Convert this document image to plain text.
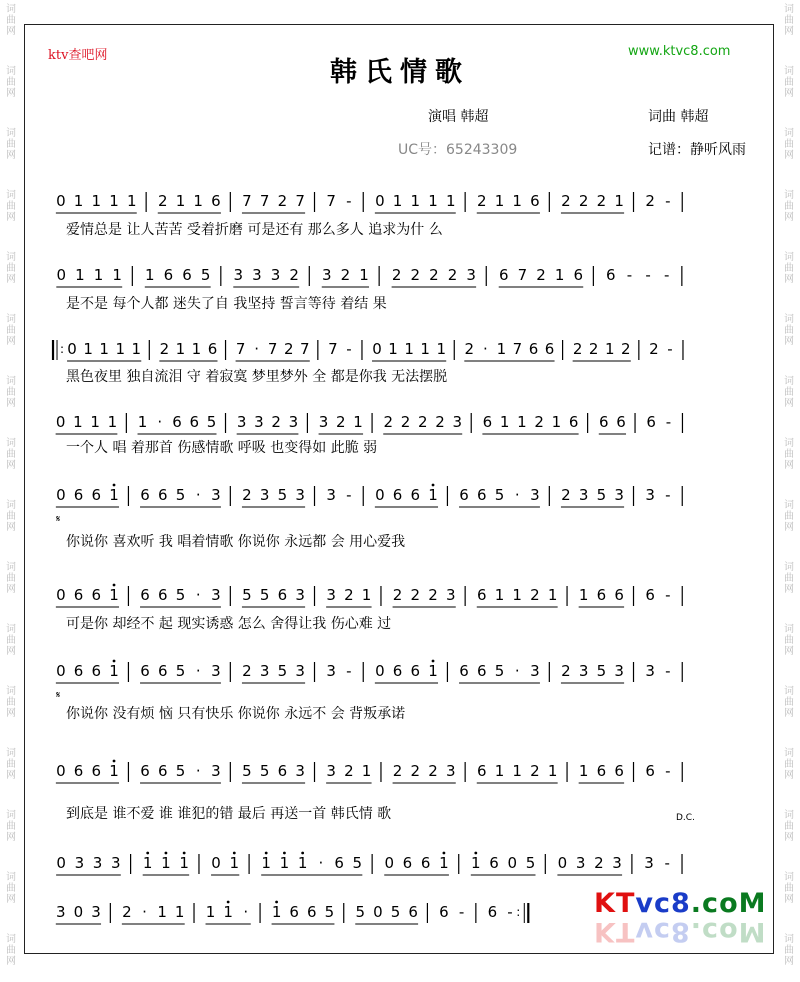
词
曲
网
词
曲
网
词
曲
网
词
曲
网
词
曲
网
词
曲
网
词
曲
网
词
曲
网
词
曲
网
词
曲
网
词
曲
网
词
曲
网
词
曲
网
词
曲
网
词
曲
网
词
曲
网
词
曲
网
词
曲
网
词
曲
网
词
曲
网
词
曲
网
词
曲
网
词
曲
网
词
曲
网
词
曲
网
词
曲
网
词
曲
网
词
曲
网
词
曲
网
词
曲
网
词
曲
网
词
曲
网
ktv查吧网	www.ktvc8.com
韩氏情歌
演唱 韩超	词曲 韩超
UC号：65243309	记谱：静听风雨
0 1 1 1 1 2 1 1 6 7 7 2 7 7 - 0 1 1 1 1 2 1 1 6 2 2 2 1 2 -
爱情总是 让人苦苦 受着折磨 可是还有 那么多人 追求为什 么
0 1 1 1 1 6 6 5 3 3 3 2 3 2 1 2 2 2 2 3 6 7 2 1 6 6 - - -
是不是 每个人都 迷失了自 我坚持 誓言等待 着结 果
: 0 1 1 1 1 2 1 1 6 7 · 7 2 7 7 - 0 1 1 1 1 2 · 1 7 6 6 2 2 1 2 2 -
黑色夜里 独自流泪 守 着寂寞 梦里梦外 全 都是你我 无法摆脱
0 1 1 1 1 · 6 6 5 3 3 2 3 3 2 1 2 2 2 2 3 6 1 1 2 1 6 6 6 6 -
一个人 唱 着那首 伤感情歌 呼吸 也变得如 此脆 弱
0 6 6 1 6 6 5 · 3 2 3 5 3 3 - 0 6 6 1 6 6 5 · 3 2 3 5 3 3 -
𝄋
你说你 喜欢听 我 唱着情歌 你说你 永远都 会 用心爱我
0 6 6 1 6 6 5 · 3 5 5 6 3 3 2 1 2 2 2 3 6 1 1 2 1 1 6 6 6 -
可是你 却经不 起 现实诱惑 怎么 舍得让我 伤心难 过
0 6 6 1 6 6 5 · 3 2 3 5 3 3 - 0 6 6 1 6 6 5 · 3 2 3 5 3 3 -
𝄋
你说你 没有烦 恼 只有快乐 你说你 永远不 会 背叛承诺
0 6 6 1 6 6 5 · 3 5 5 6 3 3 2 1 2 2 2 3 6 1 1 2 1 1 6 6 6 -
D.C.
到底是 谁不爱 谁 谁犯的错 最后 再送一首 韩氏情 歌
0 3 3 3 1 1 1 0 1 1 1 1 · 6 5 0 6 6 1 1 6 0 5 0 3 2 3 3 -
3 0 3 2 · 1 1 1 1 · 1 6 6 5 5 0 5 6 6 - 6 - :	KTvc8.coM
KTvc8.coM
